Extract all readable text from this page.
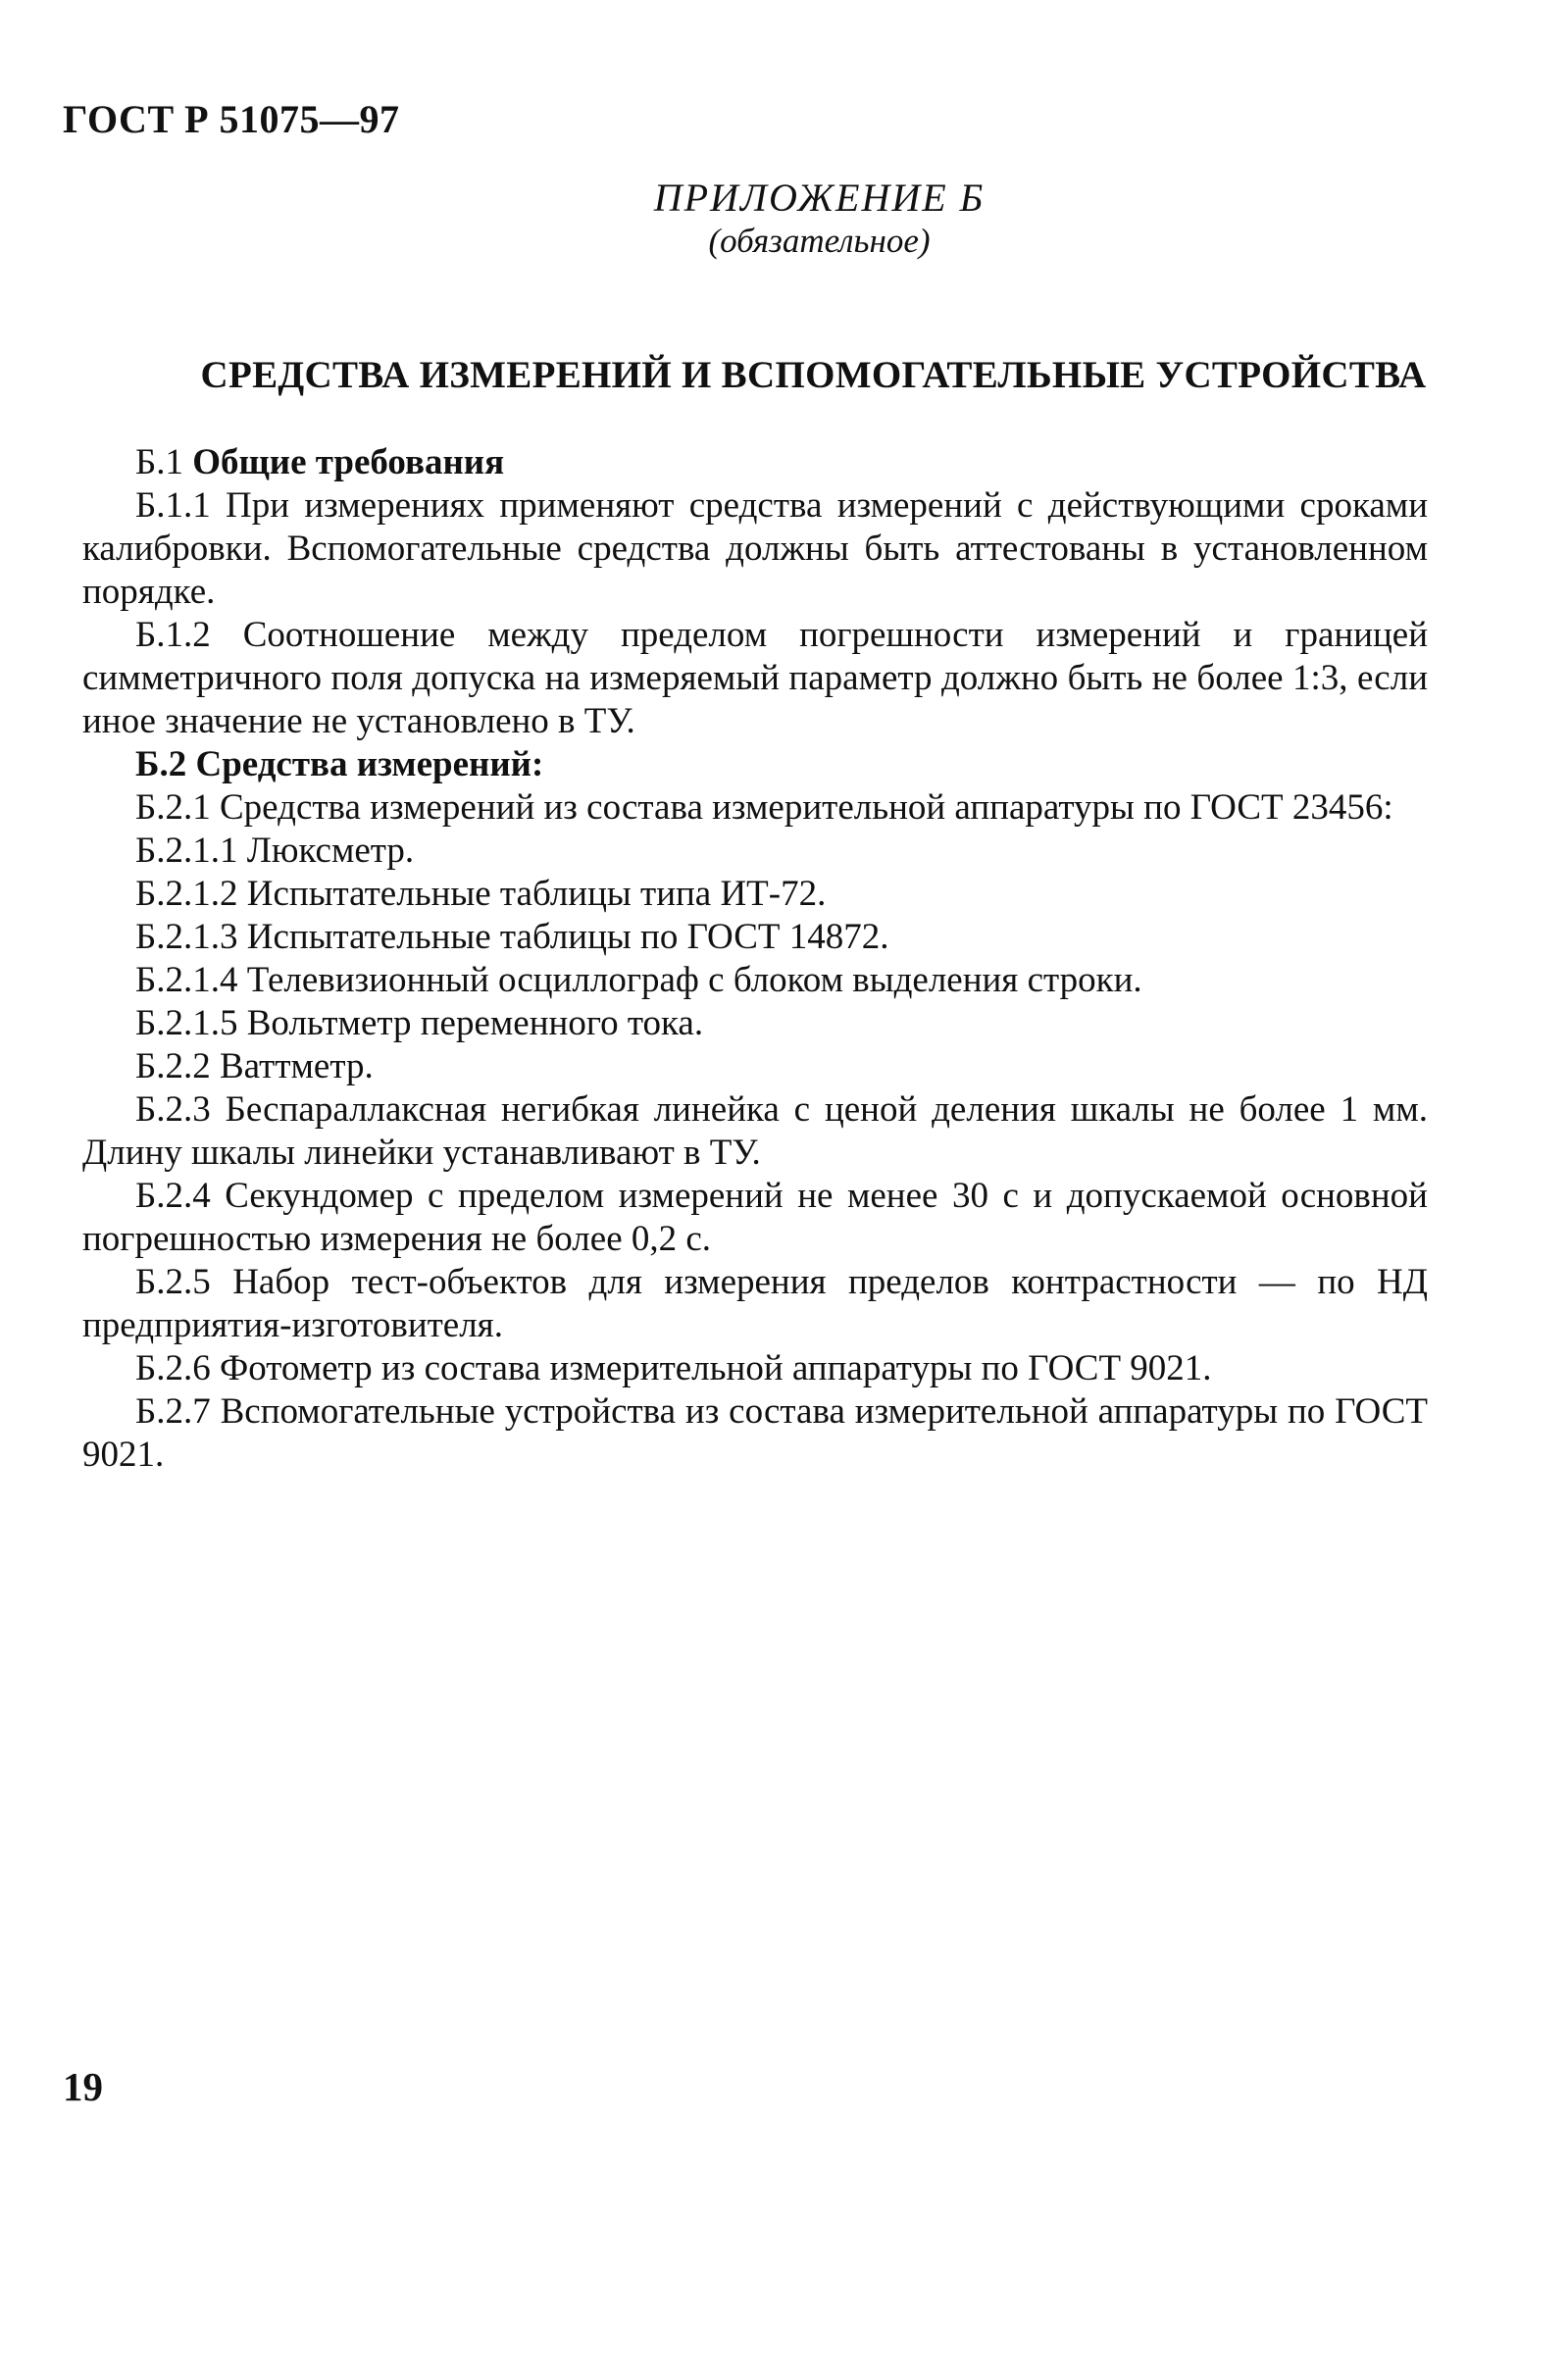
ГОСТ Р 51075—97

ПРИЛОЖЕНИЕ Б

(обязательное)

СРЕДСТВА ИЗМЕРЕНИЙ И ВСПОМОГАТЕЛЬНЫЕ УСТРОЙСТВА

Б.1 Общие требования

Б.1.1 При измерениях применяют средства измерений с действующими сроками калибровки. Вспомогательные средства должны быть аттестованы в установленном порядке.

Б.1.2 Соотношение между пределом погрешности измерений и границей симметричного поля допуска на измеряемый параметр должно быть не более 1:3, если иное значение не установлено в ТУ.

Б.2 Средства измерений:

Б.2.1 Средства измерений из состава измерительной аппаратуры по ГОСТ 23456:

Б.2.1.1 Люксметр.

Б.2.1.2 Испытательные таблицы типа ИТ-72.

Б.2.1.3 Испытательные таблицы по ГОСТ 14872.

Б.2.1.4 Телевизионный осциллограф с блоком выделения строки.

Б.2.1.5 Вольтметр переменного тока.

Б.2.2 Ваттметр.

Б.2.3 Беспараллаксная негибкая линейка с ценой деления шкалы не более 1 мм. Длину шкалы линейки устанавливают в ТУ.

Б.2.4 Секундомер с пределом измерений не менее 30 с и допускаемой основной погрешностью измерения не более 0,2 с.

Б.2.5 Набор тест-объектов для измерения пределов контрастности — по НД предприятия-изготовителя.

Б.2.6 Фотометр из состава измерительной аппаратуры по ГОСТ 9021.

Б.2.7 Вспомогательные устройства из состава измерительной аппаратуры по ГОСТ 9021.

19
